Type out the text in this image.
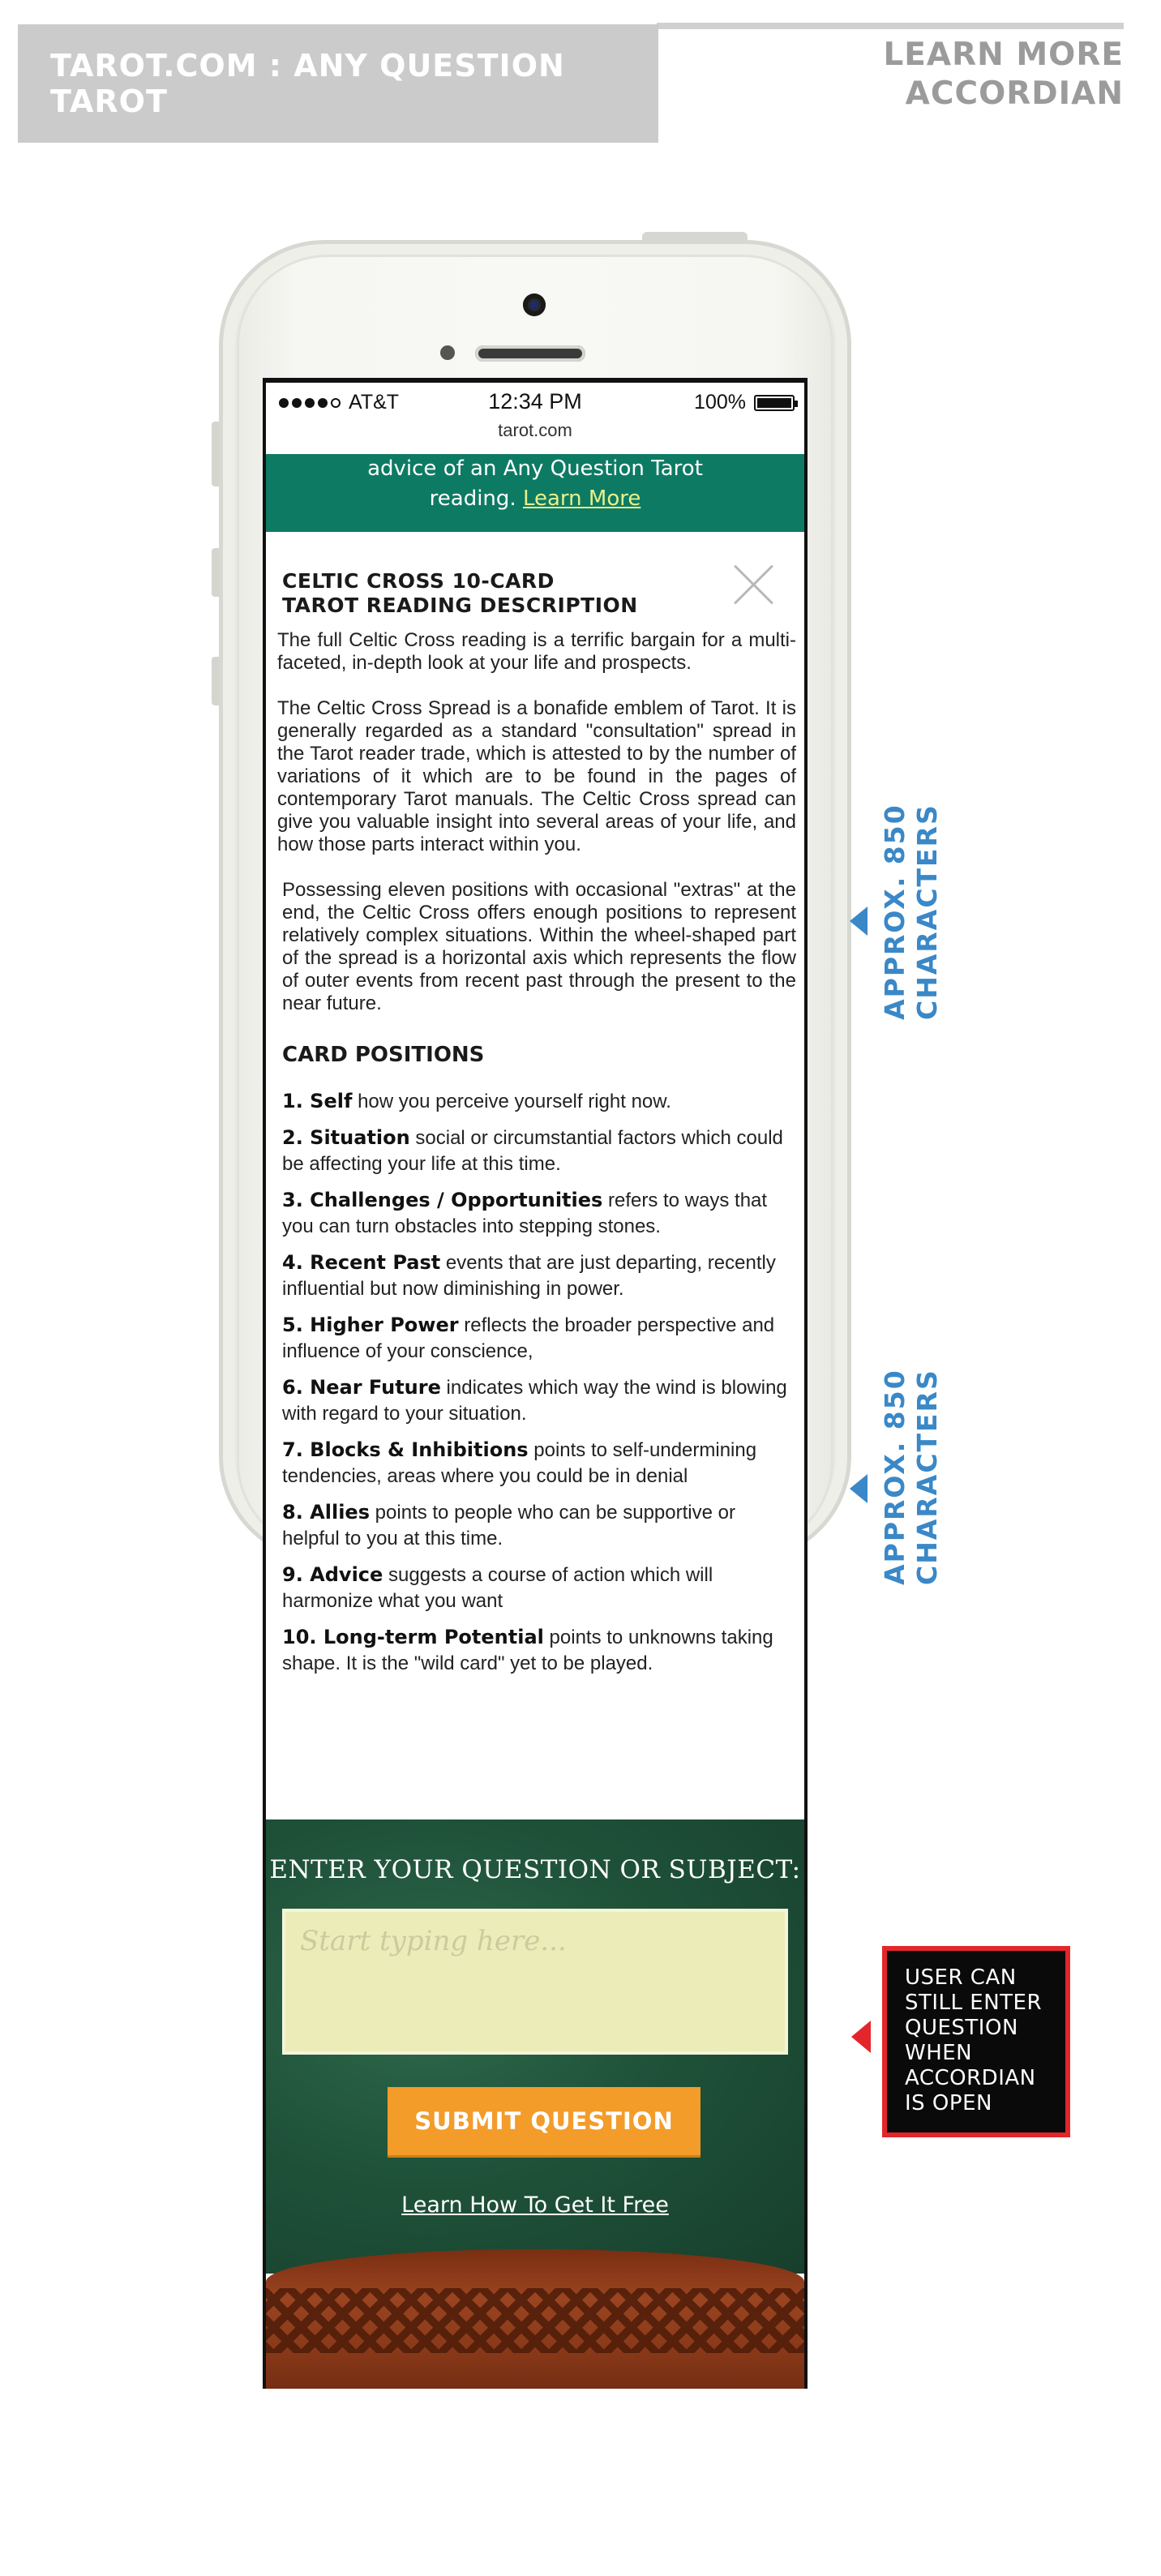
TAROT.COM : ANY QUESTION TAROT
LEARN MORE
ACCORDIAN
AT&T	12:34 PM	100%
tarot.com
advice of an Any Question Tarot
reading. Learn More
CELTIC CROSS 10-CARD
TAROT READING DESCRIPTION

The full Celtic Cross reading is a terrific bargain for a multi-faceted, in-depth look at your life and prospects.

The Celtic Cross Spread is a bonafide emblem of Tarot. It is generally regarded as a standard "consultation" spread in the Tarot reader trade, which is attested to by the number of variations of it which are to be found in the pages of contemporary Tarot manuals. The Celtic Cross spread can give you valuable insight into several areas of your life, and how those parts interact within you.

Possessing eleven positions with occasional "extras" at the end, the Celtic Cross offers enough positions to represent relatively complex situations. Within the wheel-shaped part of the spread is a horizontal axis which represents the flow of outer events from recent past through the present to the near future.

CARD POSITIONS
1. Self how you perceive yourself right now.
2. Situation social or circumstantial factors which could be affecting your life at this time.
3. Challenges / Opportunities refers to ways that you can turn obstacles into stepping stones.
4. Recent Past events that are just departing, recently influential but now diminishing in power.
5. Higher Power reflects the broader perspective and influence of your conscience,
6. Near Future indicates which way the wind is blowing with regard to your situation.
7. Blocks & Inhibitions points to self-undermining tendencies, areas where you could be in denial
8. Allies points to people who can be supportive or helpful to you at this time.
9. Advice suggests a course of action which will harmonize what you want
10. Long-term Potential points to unknowns taking shape. It is the "wild card" yet to be played.
ENTER YOUR QUESTION OR SUBJECT:
Start typing here...
SUBMIT QUESTION
Learn How To Get It Free
APPROX. 850 CHARACTERS
APPROX. 850 CHARACTERS
USER CAN STILL ENTER QUESTION WHEN ACCORDIAN IS OPEN
